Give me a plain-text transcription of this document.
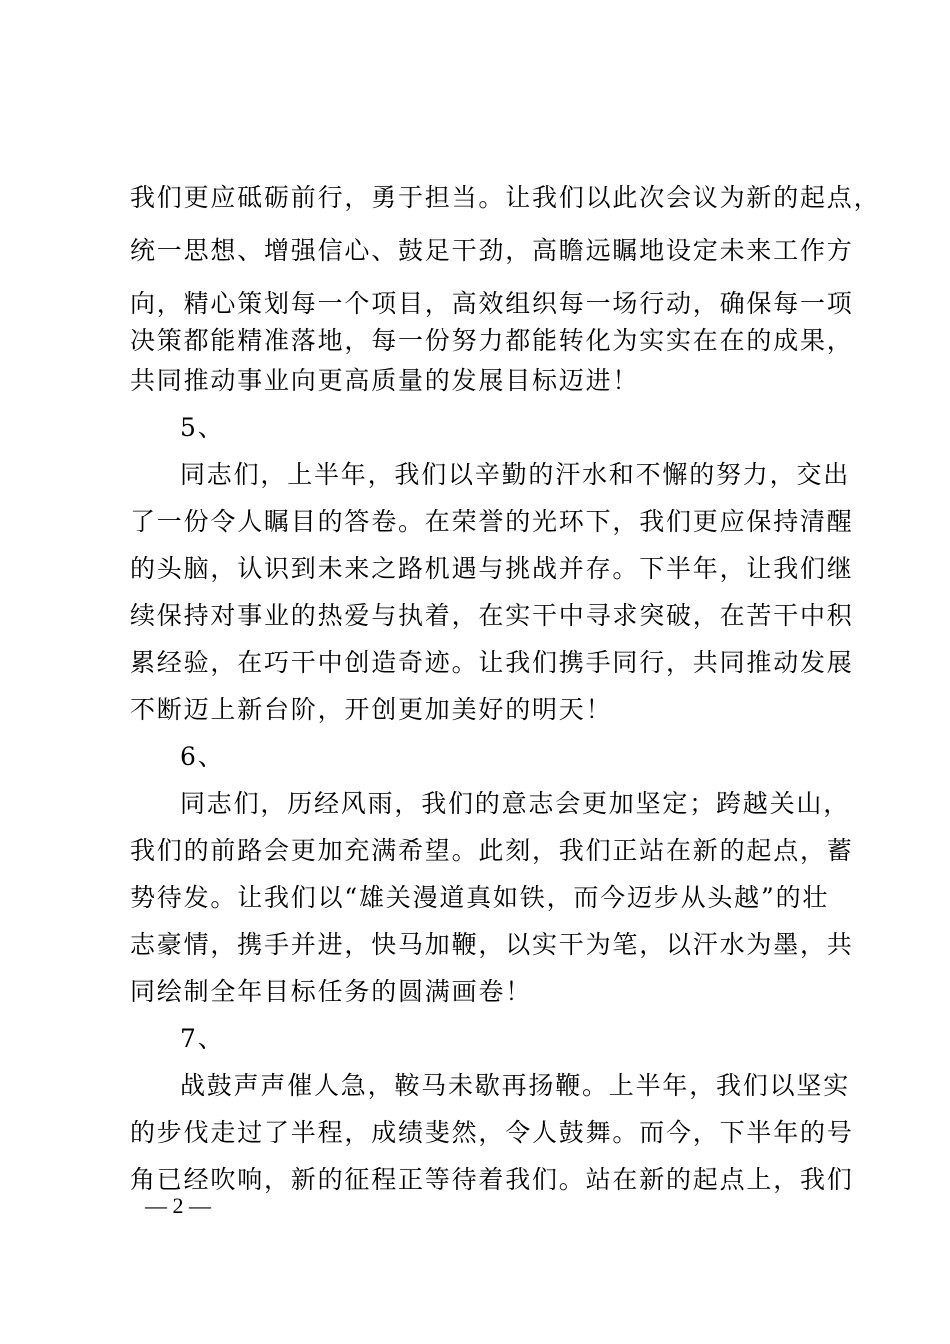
我们更应砥砺前行，勇于担当。让我们以此次会议为新的起点，
统一思想、增强信心、鼓足干劲，高瞻远瞩地设定未来工作方
向，精心策划每一个项目，高效组织每一场行动，确保每一项
决策都能精准落地，每一份努力都能转化为实实在在的成果，
共同推动事业向更高质量的发展目标迈进！
5、
同志们，上半年，我们以辛勤的汗水和不懈的努力，交出
了一份令人瞩目的答卷。在荣誉的光环下，我们更应保持清醒
的头脑，认识到未来之路机遇与挑战并存。下半年，让我们继
续保持对事业的热爱与执着，在实干中寻求突破，在苦干中积
累经验，在巧干中创造奇迹。让我们携手同行，共同推动发展
不断迈上新台阶，开创更加美好的明天！
6、
同志们，历经风雨，我们的意志会更加坚定；跨越关山，
我们的前路会更加充满希望。此刻，我们正站在新的起点，蓄
势待发。让我们以“雄关漫道真如铁，而今迈步从头越”的壮
志豪情，携手并进，快马加鞭，以实干为笔，以汗水为墨，共
同绘制全年目标任务的圆满画卷！
7、
战鼓声声催人急，鞍马未歇再扬鞭。上半年，我们以坚实
的步伐走过了半程，成绩斐然，令人鼓舞。而今，下半年的号
角已经吹响，新的征程正等待着我们。站在新的起点上，我们
— 2 —
